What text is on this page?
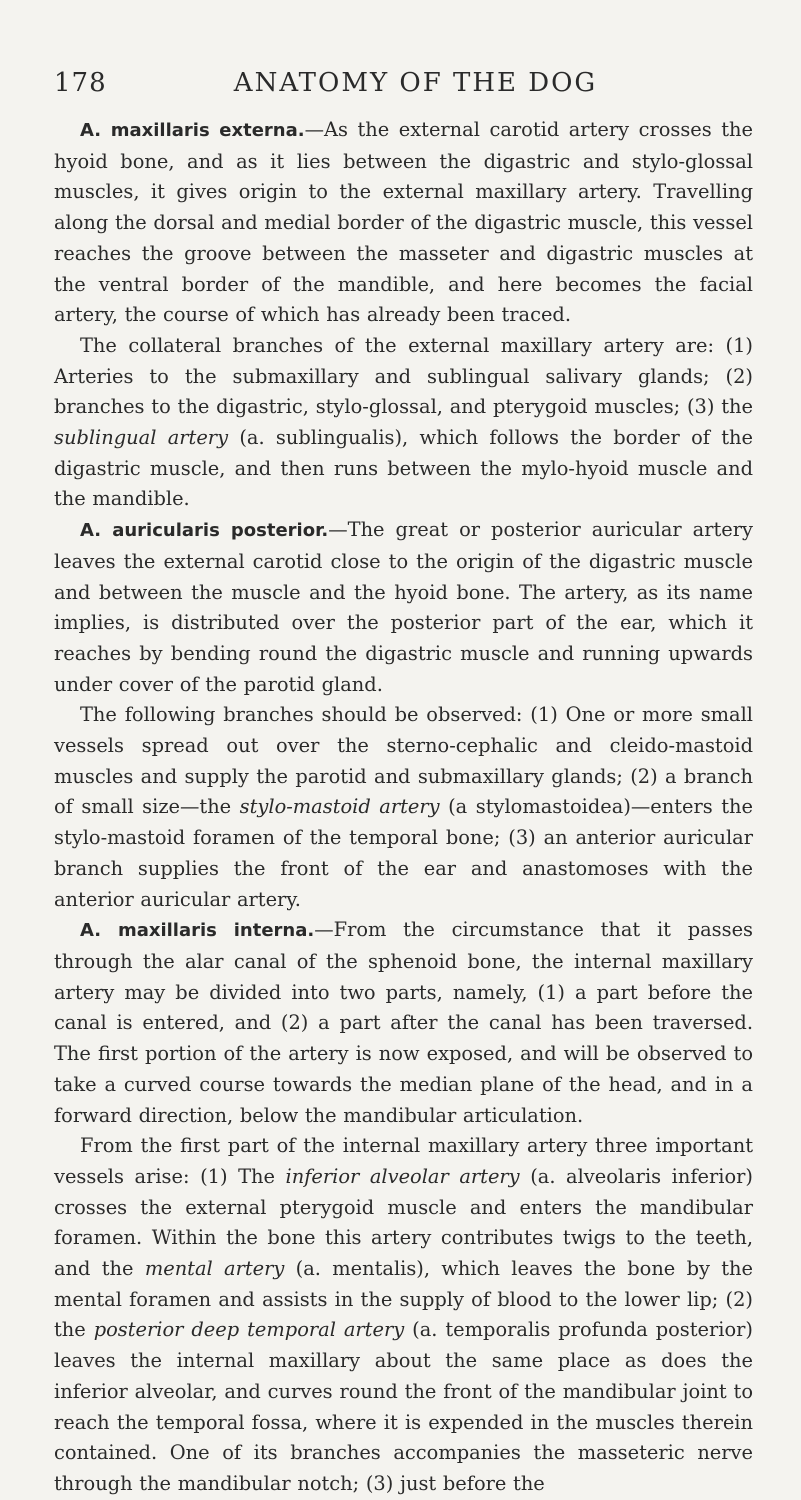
178	ANATOMY OF THE DOG

A. maxillaris externa.—As the external carotid artery crosses the hyoid bone, and as it lies between the digastric and stylo-glossal muscles, it gives origin to the external maxillary artery. Travelling along the dorsal and medial border of the digastric muscle, this vessel reaches the groove between the masseter and digastric muscles at the ventral border of the mandible, and here becomes the facial artery, the course of which has already been traced.

The collateral branches of the external maxillary artery are: (1) Arteries to the submaxillary and sublingual salivary glands; (2) branches to the digastric, stylo-glossal, and pterygoid muscles; (3) the sublingual artery (a. sublingualis), which follows the border of the digastric muscle, and then runs between the mylo-hyoid muscle and the mandible.

A. auricularis posterior.—The great or posterior auricular artery leaves the external carotid close to the origin of the digastric muscle and between the muscle and the hyoid bone. The artery, as its name implies, is distributed over the posterior part of the ear, which it reaches by bending round the digastric muscle and running upwards under cover of the parotid gland.

The following branches should be observed: (1) One or more small vessels spread out over the sterno-cephalic and cleido-mastoid muscles and supply the parotid and submaxillary glands; (2) a branch of small size—the stylo-mastoid artery (a stylomastoidea)—enters the stylo-mastoid foramen of the temporal bone; (3) an anterior auricular branch supplies the front of the ear and anastomoses with the anterior auricular artery.

A. maxillaris interna.—From the circumstance that it passes through the alar canal of the sphenoid bone, the internal maxillary artery may be divided into two parts, namely, (1) a part before the canal is entered, and (2) a part after the canal has been traversed. The first portion of the artery is now exposed, and will be observed to take a curved course towards the median plane of the head, and in a forward direction, below the mandibular articulation.

From the first part of the internal maxillary artery three important vessels arise: (1) The inferior alveolar artery (a. alveolaris inferior) crosses the external pterygoid muscle and enters the mandibular foramen. Within the bone this artery contributes twigs to the teeth, and the mental artery (a. mentalis), which leaves the bone by the mental foramen and assists in the supply of blood to the lower lip; (2) the posterior deep temporal artery (a. temporalis profunda posterior) leaves the internal maxillary about the same place as does the inferior alveolar, and curves round the front of the mandibular joint to reach the temporal fossa, where it is expended in the muscles therein contained. One of its branches accompanies the masseteric nerve through the mandibular notch; (3) just before the
